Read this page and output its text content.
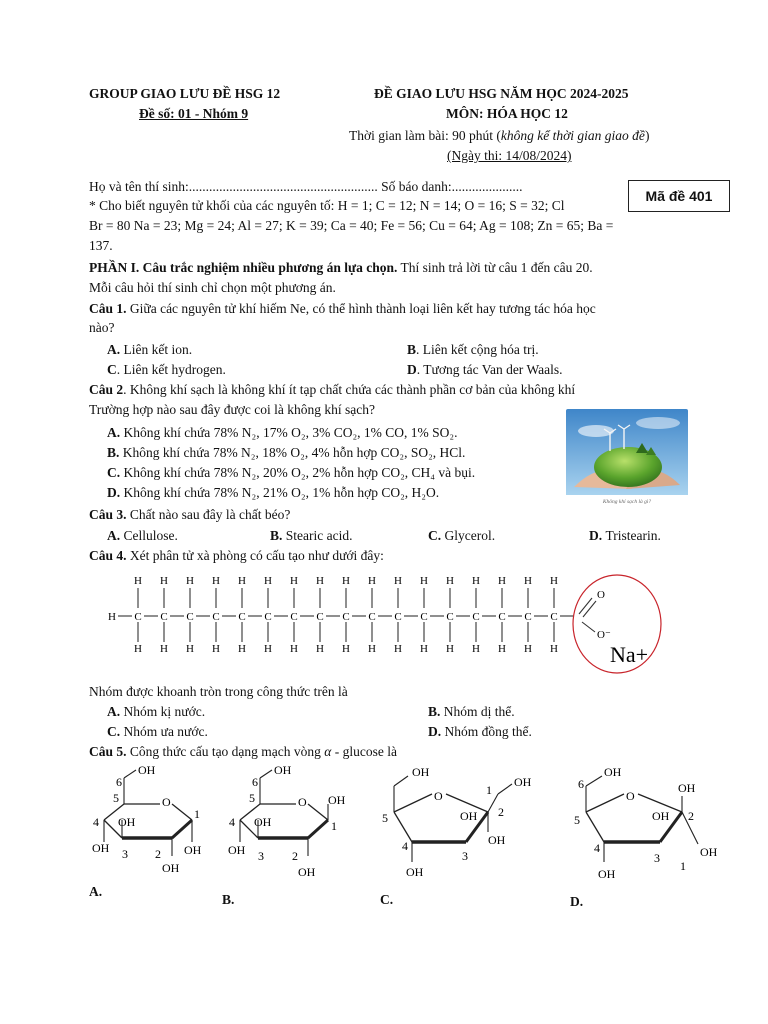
GROUP GIAO LƯU ĐỀ HSG 12
Đề số: 01 - Nhóm 9
ĐỀ GIAO LƯU HSG NĂM HỌC 2024-2025
MÔN: HÓA HỌC 12
Thời gian làm bài: 90 phút (không kể thời gian giao đề)
(Ngày thi: 14/08/2024)
Mã đề 401
Họ và tên thí sinh:........................................................ Số báo danh:.....................
* Cho biết nguyên tử khối của các nguyên tố: H = 1; C = 12; N = 14; O = 16; S = 32; Cl
Br = 80 Na = 23; Mg = 24; Al = 27; K = 39; Ca = 40; Fe = 56; Cu = 64; Ag = 108; Zn = 65; Ba =
137.
PHẦN I. Câu trắc nghiệm nhiều phương án lựa chọn. Thí sinh trả lời từ câu 1 đến câu 20.
Mỗi câu hỏi thí sinh chỉ chọn một phương án.
Câu 1. Giữa các nguyên tử khí hiếm Ne, có thể hình thành loại liên kết hay tương tác hóa học
nào?
A. Liên kết ion.	B. Liên kết cộng hóa trị.
C. Liên kết hydrogen.	D. Tương tác Van der Waals.
Câu 2. Không khí sạch là không khí ít tạp chất chứa các thành phần cơ bản của không khí
Trường hợp nào sau đây được coi là không khí sạch?
A. Không khí chứa 78% N₂, 17% O₂, 3% CO₂, 1% CO, 1% SO₂.
B. Không khí chứa 78% N₂, 18% O₂, 4% hỗn hợp CO₂, SO₂, HCl.
C. Không khí chứa 78% N₂, 20% O₂, 2% hỗn hợp CO₂, CH₄ và bụi.
D. Không khí chứa 78% N₂, 21% O₂, 1% hỗn hợp CO₂, H₂O.
Không khí sạch là gì?
Câu 3. Chất nào sau đây là chất béo?
A. Cellulose.	B. Stearic acid.	C. Glycerol.	D. Tristearin.
Câu 4. Xét phân tử xà phòng có cấu tạo như dưới đây:
H C
H
H
C
H
H
C
H
H
C
H
H
C
H
H
C
H
H
C
H
H
C
H
H
C
H
H
C
H
H
C
H
H
C
H
H
C
H
H
C
H
H
C
H
H
C
H
H
C
H
H
O
O⁻
Na+
Nhóm được khoanh tròn trong công thức trên là
A. Nhóm kị nước.	B. Nhóm dị thể.
C. Nhóm ưa nước.	D. Nhóm đồng thể.
Câu 5. Công thức cấu tạo dạng mạch vòng α - glucose là
O
OH
6
5
4
1
OH
OH 3 2 OH
OH
O
OH
6
5
4	1
OH
OH
OH 3 2
OH
O
OH
OH
1
OH 2
OH
5
4
3
OH
O
OH
6	OH
OH 2
OH
1
5
4
3
OH
A.
B.	C.	D.
